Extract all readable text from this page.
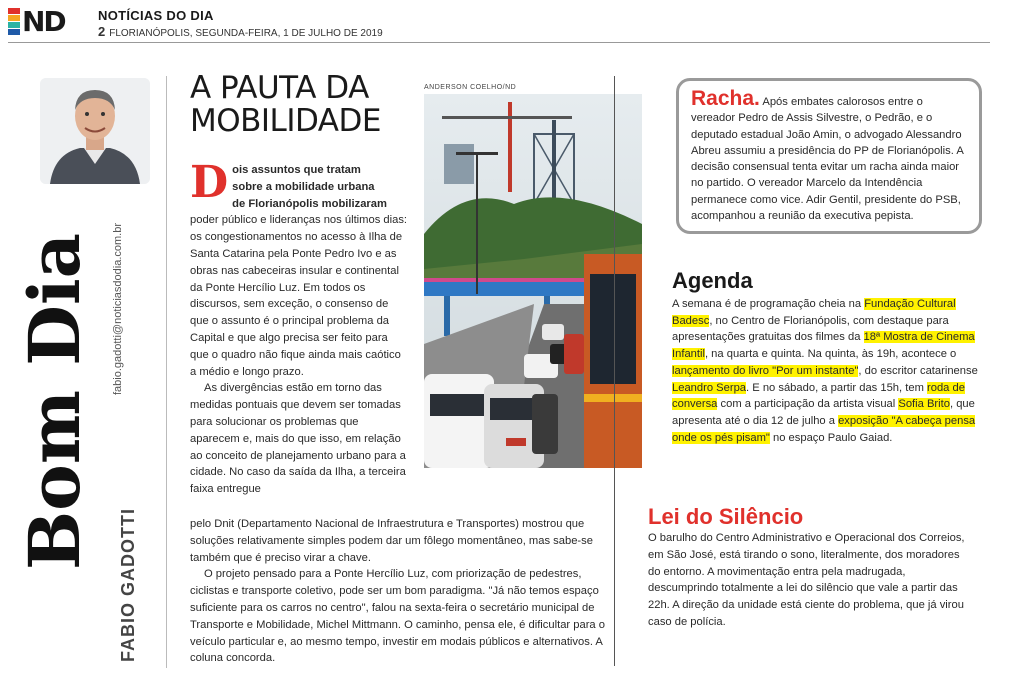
ND	NOTÍCIAS DO DIA
2 FLORIANÓPOLIS, SEGUNDA-FEIRA, 1 DE JULHO DE 2019
Bom Dia	fabio.gadotti@noticiasdodia.com.br
FABIO GADOTTI
A PAUTA DA
MOBILIDADE
D ois assuntos que tratam
sobre a mobilidade urbana
de Florianópolis mobilizaram

poder público e lideranças nos últimos dias: os congestionamentos no acesso à Ilha de Santa Catarina pela Ponte Pedro Ivo e as obras nas cabeceiras insular e continental da Ponte Hercílio Luz. Em todos os discursos, sem exceção, o consenso de que o assunto é o principal problema da Capital e que algo precisa ser feito para que o quadro não fique ainda mais caótico a médio e longo prazo.

As divergências estão em torno das medidas pontuais que devem ser tomadas para solucionar os problemas que aparecem e, mais do que isso, em relação ao conceito de planejamento urbano para a cidade. No caso da saída da Ilha, a terceira faixa entregue

pelo Dnit (Departamento Nacional de Infraestrutura e Transportes) mostrou que soluções relativamente simples podem dar um fôlego momentâneo, mas sabe-se também que é preciso virar a chave.

O projeto pensado para a Ponte Hercílio Luz, com priorização de pedestres, ciclistas e transporte coletivo, pode ser um bom paradigma. "Já não temos espaço suficiente para os carros no centro", falou na sexta-feira o secretário municipal de Transporte e Mobilidade, Michel Mittmann. O caminho, pensa ele, é dificultar para o veículo particular e, ao mesmo tempo, investir em modais públicos e alternativos. A coluna concorda.

ANDERSON COELHO/ND	Racha. Após embates calorosos entre o vereador Pedro de Assis Silvestre, o Pedrão, e o deputado estadual João Amin, o advogado Alessandro Abreu assumiu a presidência do PP de Florianópolis. A decisão consensual tenta evitar um racha ainda maior no partido. O vereador Marcelo da Intendência permanece como vice. Adir Gentil, presidente do PSB, acompanhou a reunião da executiva pepista.
Agenda
A semana é de programação cheia na Fundação Cultural Badesc, no Centro de Florianópolis, com destaque para apresentações gratuitas dos filmes da 18ª Mostra de Cinema Infantil, na quarta e quinta. Na quinta, às 19h, acontece o lançamento do livro "Por um instante", do escritor catarinense Leandro Serpa. E no sábado, a partir das 15h, tem roda de conversa com a participação da artista visual Sofia Brito, que apresenta até o dia 12 de julho a exposição "A cabeça pensa onde os pés pisam" no espaço Paulo Gaiad.
Lei do Silêncio
O barulho do Centro Administrativo e Operacional dos Correios, em São José, está tirando o sono, literalmente, dos moradores do entorno. A movimentação entra pela madrugada, descumprindo totalmente a lei do silêncio que vale a partir das 22h. A direção da unidade está ciente do problema, que já virou caso de polícia.
